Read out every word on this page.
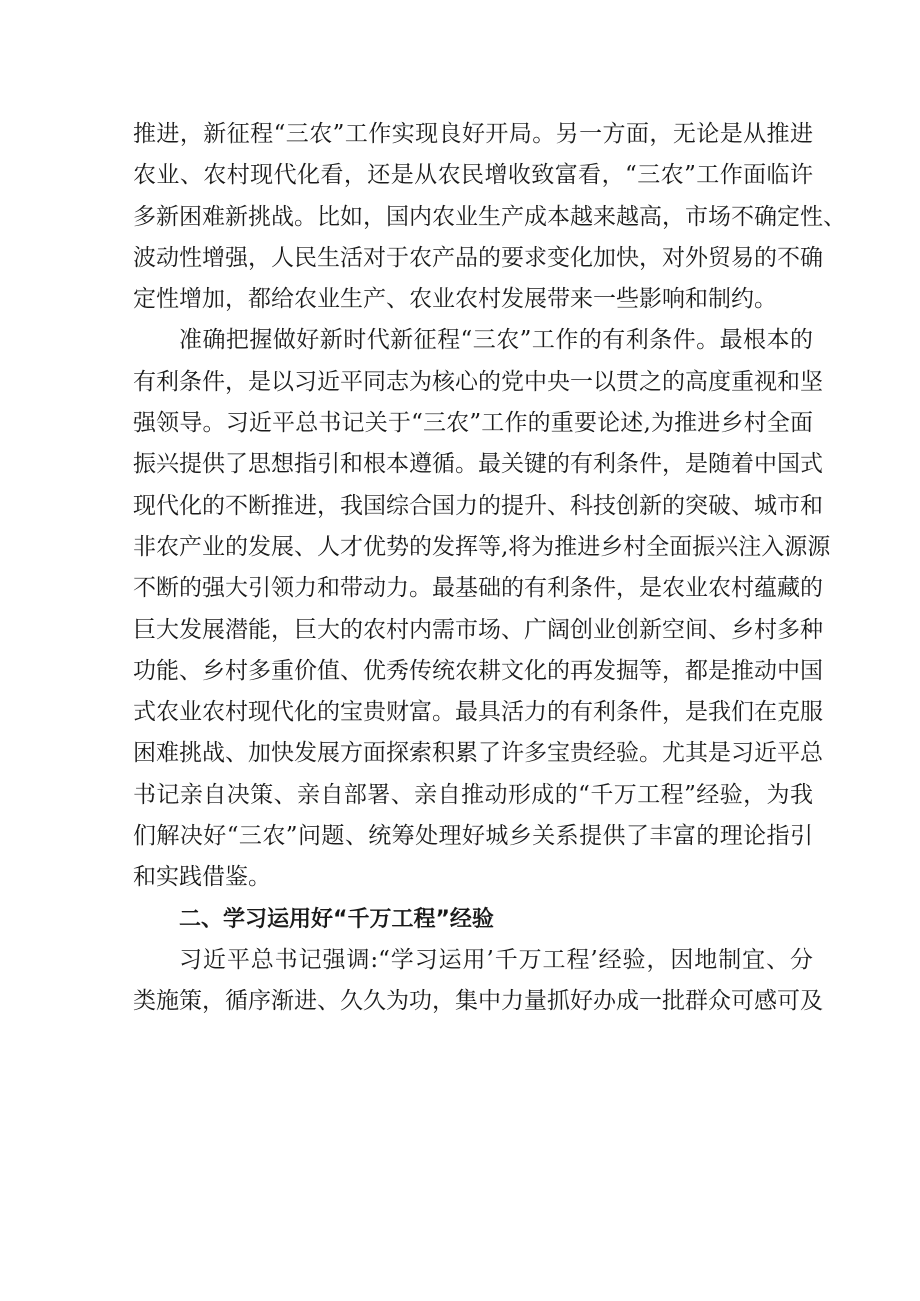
推进，新征程“三农”工作实现良好开局。另一方面，无论是从推进
农业、农村现代化看，还是从农民增收致富看，“三农”工作面临许
多新困难新挑战。比如，国内农业生产成本越来越高，市场不确定性、
波动性增强，人民生活对于农产品的要求变化加快，对外贸易的不确
定性增加，都给农业生产、农业农村发展带来一些影响和制约。
准确把握做好新时代新征程“三农”工作的有利条件。最根本的
有利条件，是以习近平同志为核心的党中央一以贯之的高度重视和坚
强领导。习近平总书记关于“三农”工作的重要论述,为推进乡村全面
振兴提供了思想指引和根本遵循。最关键的有利条件，是随着中国式
现代化的不断推进，我国综合国力的提升、科技创新的突破、城市和
非农产业的发展、人才优势的发挥等,将为推进乡村全面振兴注入源源
不断的强大引领力和带动力。最基础的有利条件，是农业农村蕴藏的
巨大发展潜能，巨大的农村内需市场、广阔创业创新空间、乡村多种
功能、乡村多重价值、优秀传统农耕文化的再发掘等，都是推动中国
式农业农村现代化的宝贵财富。最具活力的有利条件，是我们在克服
困难挑战、加快发展方面探索积累了许多宝贵经验。尤其是习近平总
书记亲自决策、亲自部署、亲自推动形成的“千万工程”经验，为我
们解决好“三农”问题、统筹处理好城乡关系提供了丰富的理论指引
和实践借鉴。
二、学习运用好“千万工程”经验
习近平总书记强调:“学习运用’千万工程’经验，因地制宜、分
类施策，循序渐进、久久为功，集中力量抓好办成一批群众可感可及
